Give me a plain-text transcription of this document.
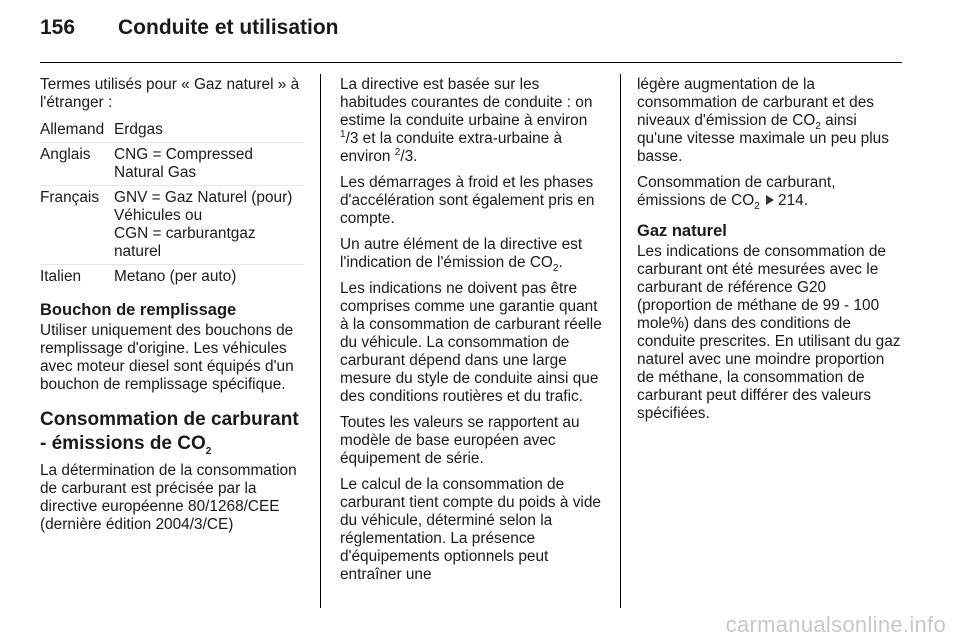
156 Conduite et utilisation

Termes utilisés pour « Gaz naturel » à l'étranger :

Allemand Erdgas
Anglais	CNG = Compressed
Natural Gas
Français GNV = Gaz Naturel (pour)
Véhicules ou
CGN = carburantgaz
naturel
Italien	Metano (per auto)
Bouchon de remplissage

Utiliser uniquement des bouchons de remplissage d'origine. Les véhicules avec moteur diesel sont équipés d'un bouchon de remplissage spécifique.

Consommation de carburant - émissions de $CO_2$

La détermination de la consommation de carburant est précisée par la directive européenne 80/1268/CEE (dernière édition 2004/3/CE)

La directive est basée sur les habitudes courantes de conduite : on estime la conduite urbaine à environ $^1$/3 et la conduite extra-urbaine à environ $^2$/3.

Les démarrages à froid et les phases d'accélération sont également pris en compte.

Un autre élément de la directive est l'indication de l'émission de $CO_2$.

Les indications ne doivent pas être comprises comme une garantie quant à la consommation de carburant réelle du véhicule. La consommation de carburant dépend dans une large mesure du style de conduite ainsi que des conditions routières et du trafic.

Toutes les valeurs se rapportent au modèle de base européen avec équipement de série.

Le calcul de la consommation de carburant tient compte du poids à vide du véhicule, déterminé selon la réglementation. La présence d'équipements optionnels peut entraîner une

légère augmentation de la consommation de carburant et des niveaux d'émission de $CO_2$ ainsi qu'une vitesse maximale un peu plus basse.

Consommation de carburant, émissions de $CO_2$ 214.

Gaz naturel

Les indications de consommation de carburant ont été mesurées avec le carburant de référence G20 (proportion de méthane de 99 - 100 mole%) dans des conditions de conduite prescrites. En utilisant du gaz naturel avec une moindre proportion de méthane, la consommation de carburant peut différer des valeurs spécifiées.

carmanualsonline.info
